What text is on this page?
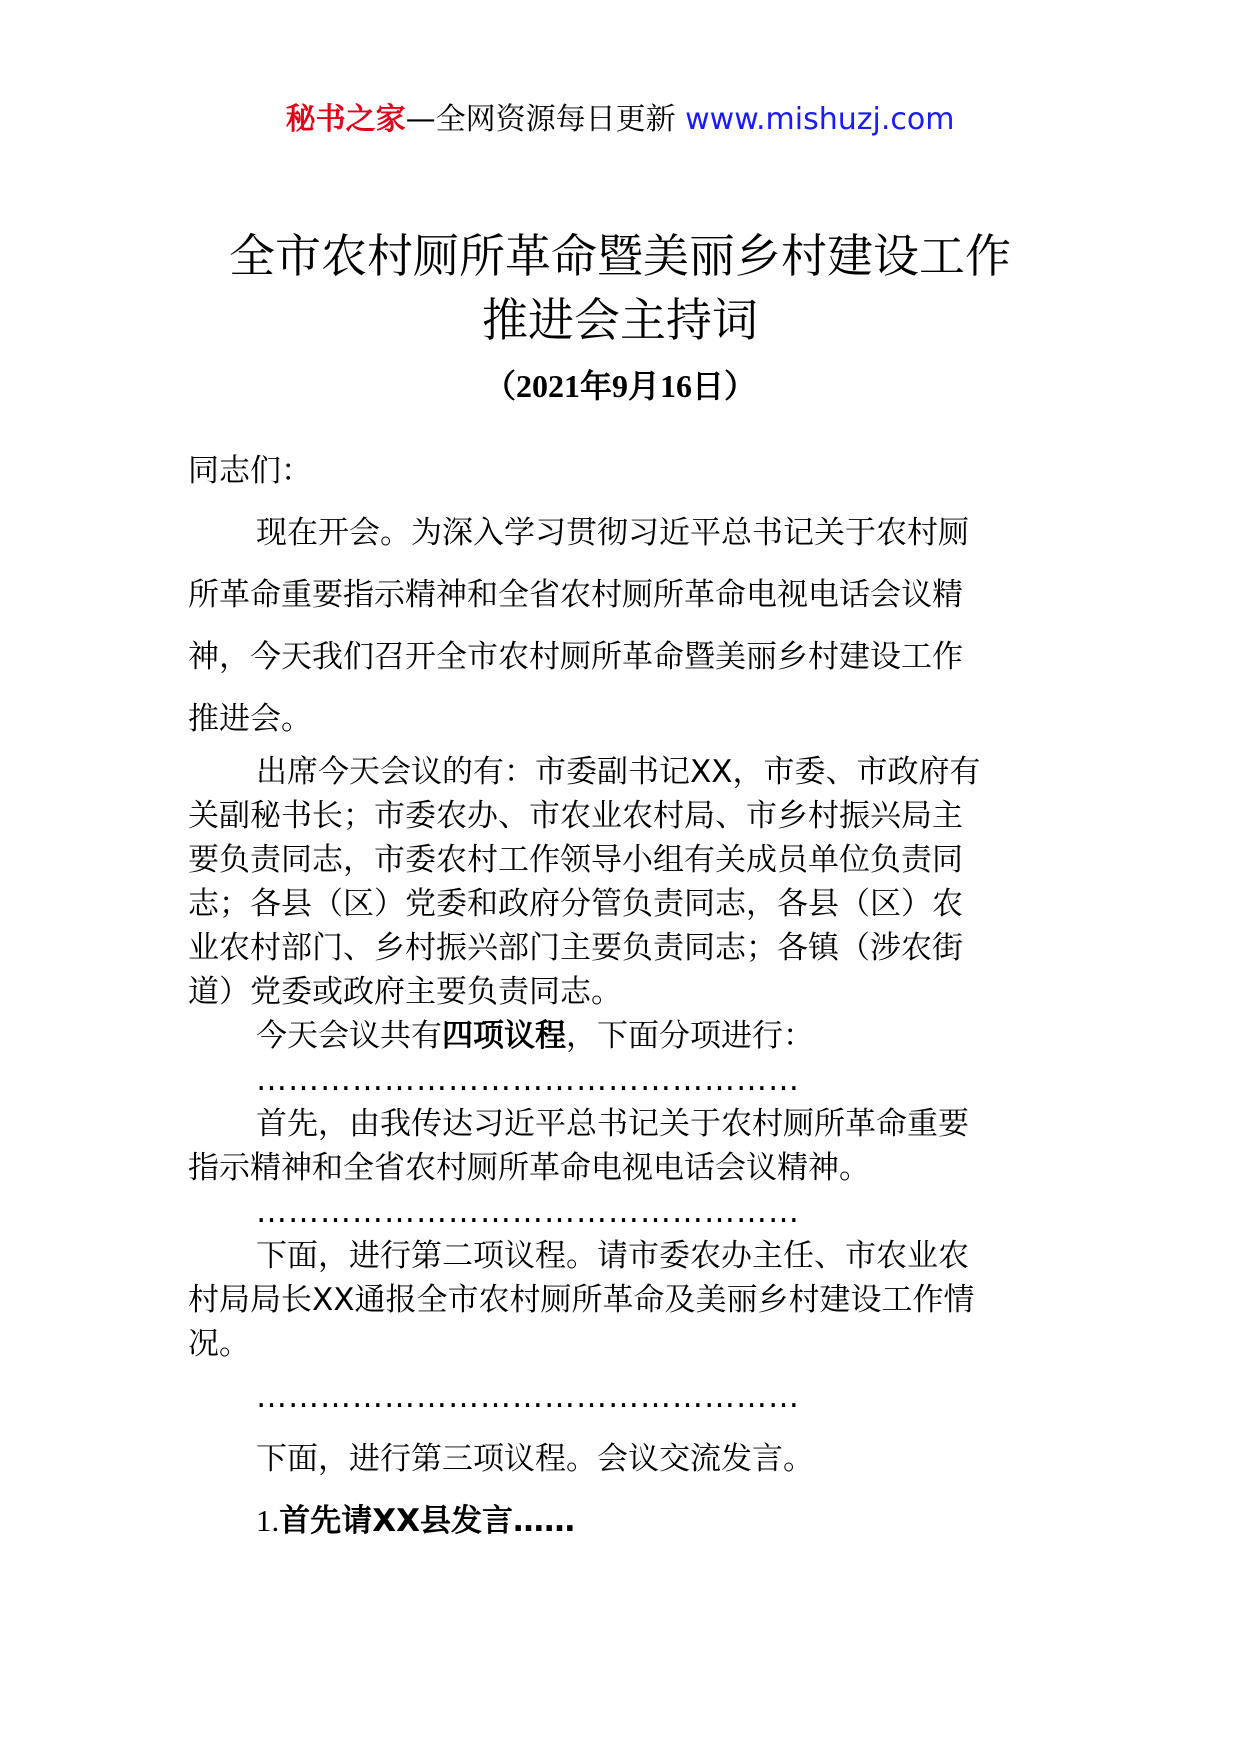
秘书之家—全网资源每日更新 www.mishuzj.com
全市农村厕所革命暨美丽乡村建设工作
推进会主持词
（2021年9月16日）

同志们：

现在开会。为深入学习贯彻习近平总书记关于农村厕

所革命重要指示精神和全省农村厕所革命电视电话会议精

神，今天我们召开全市农村厕所革命暨美丽乡村建设工作

推进会。

出席今天会议的有：市委副书记XX，市委、市政府有

关副秘书长；市委农办、市农业农村局、市乡村振兴局主

要负责同志，市委农村工作领导小组有关成员单位负责同

志；各县（区）党委和政府分管负责同志，各县（区）农

业农村部门、乡村振兴部门主要负责同志；各镇（涉农街

道）党委或政府主要负责同志。

今天会议共有四项议程，下面分项进行：

……………………………………………

首先，由我传达习近平总书记关于农村厕所革命重要

指示精神和全省农村厕所革命电视电话会议精神。

……………………………………………

下面，进行第二项议程。请市委农办主任、市农业农

村局局长XX通报全市农村厕所革命及美丽乡村建设工作情

况。

……………………………………………

下面，进行第三项议程。会议交流发言。

1.首先请XX县发言……
